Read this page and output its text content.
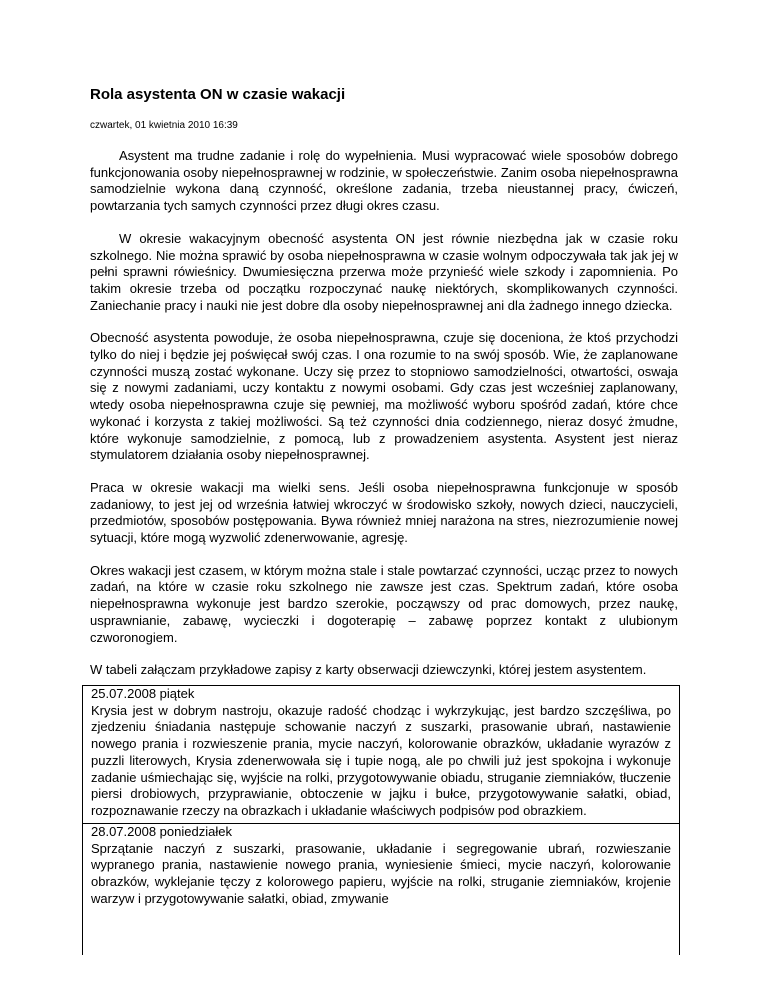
Rola asystenta ON w czasie wakacji
czwartek, 01 kwietnia 2010 16:39

Asystent ma trudne zadanie i rolę do wypełnienia. Musi wypracować wiele sposobów dobrego funkcjonowania osoby niepełnosprawnej w rodzinie, w społeczeństwie. Zanim osoba niepełnosprawna samodzielnie wykona daną czynność, określone zadania, trzeba nieustannej pracy, ćwiczeń, powtarzania tych samych czynności przez długi okres czasu.

W okresie wakacyjnym obecność asystenta ON jest równie niezbędna jak w czasie roku szkolnego. Nie można sprawić by osoba niepełnosprawna w czasie wolnym odpoczywała tak jak jej w pełni sprawni rówieśnicy. Dwumiesięczna przerwa może przynieść wiele szkody i zapomnienia. Po takim okresie trzeba od początku rozpoczynać naukę niektórych, skomplikowanych czynności. Zaniechanie pracy i nauki nie jest dobre dla osoby niepełnosprawnej ani dla żadnego innego dziecka.

Obecność asystenta powoduje, że osoba niepełnosprawna, czuje się doceniona, że ktoś przychodzi tylko do niej i będzie jej poświęcał swój czas. I ona rozumie to na swój sposób. Wie, że zaplanowane czynności muszą zostać wykonane. Uczy się przez to stopniowo samodzielności, otwartości, oswaja się z nowymi zadaniami, uczy kontaktu z nowymi osobami. Gdy czas jest wcześniej zaplanowany, wtedy osoba niepełnosprawna czuje się pewniej, ma możliwość wyboru spośród zadań, które chce wykonać i korzysta z takiej możliwości. Są też czynności dnia codziennego, nieraz dosyć żmudne, które wykonuje samodzielnie, z pomocą, lub z prowadzeniem asystenta. Asystent jest nieraz stymulatorem działania osoby niepełnosprawnej.

Praca w okresie wakacji ma wielki sens. Jeśli osoba niepełnosprawna funkcjonuje w sposób zadaniowy, to jest jej od września łatwiej wkroczyć w środowisko szkoły, nowych dzieci, nauczycieli, przedmiotów, sposobów postępowania. Bywa również mniej narażona na stres, niezrozumienie nowej sytuacji, które mogą wyzwolić zdenerwowanie, agresję.

Okres wakacji jest czasem, w którym można stale i stale powtarzać czynności, ucząc przez to nowych zadań, na które w czasie roku szkolnego nie zawsze jest czas. Spektrum zadań, które osoba niepełnosprawna wykonuje jest bardzo szerokie, począwszy od prac domowych, przez naukę, usprawnianie, zabawę, wycieczki i dogoterapię – zabawę poprzez kontakt z ulubionym czworonogiem.

W tabeli załączam przykładowe zapisy z karty obserwacji dziewczynki, której jestem asystentem.

25.07.2008 piątek
Krysia jest w dobrym nastroju, okazuje radość chodząc i wykrzykując, jest bardzo szczęśliwa, po zjedzeniu śniadania następuje schowanie naczyń z suszarki, prasowanie ubrań, nastawienie nowego prania i rozwieszenie prania, mycie naczyń, kolorowanie obrazków, układanie wyrazów z puzzli literowych, Krysia zdenerwowała się i tupie nogą, ale po chwili już jest spokojna i wykonuje zadanie uśmiechając się, wyjście na rolki, przygotowywanie obiadu, struganie ziemniaków, tłuczenie piersi drobiowych, przyprawianie, obtoczenie w jajku i bułce, przygotowywanie sałatki, obiad, rozpoznawanie rzeczy na obrazkach i układanie właściwych podpisów pod obrazkiem.
28.07.2008 poniedziałek
Sprzątanie naczyń z suszarki, prasowanie, układanie i segregowanie ubrań, rozwieszanie wypranego prania, nastawienie nowego prania, wyniesienie śmieci, mycie naczyń, kolorowanie obrazków, wyklejanie tęczy z kolorowego papieru, wyjście na rolki, struganie ziemniaków, krojenie warzyw i przygotowywanie sałatki, obiad, zmywanie
